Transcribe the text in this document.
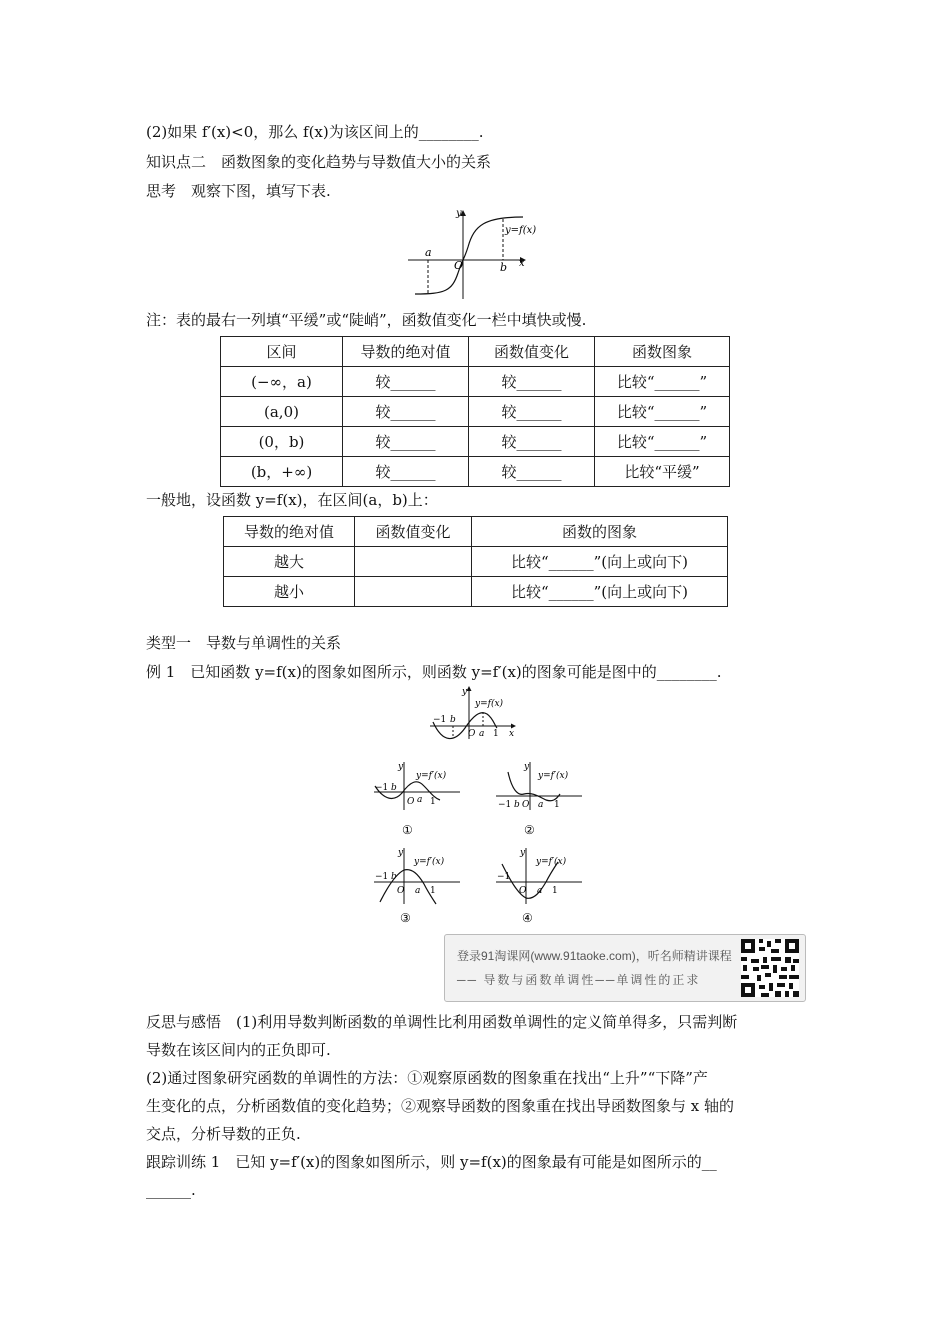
(2)如果 f′(x)<0，那么 f(x)为该区间上的________.
知识点二　函数图象的变化趋势与导数值大小的关系
思考　观察下图，填写下表.
y
x
O
a
b
y=f(x)
注：表的最右一列填“平缓”或“陡峭”，函数值变化一栏中填快或慢.
区间	导数的绝对值	函数值变化	函数图象
(−∞，a)	较______	较______	比较“______”
(a,0)	较______	较______	比较“______”
(0，b)	较______	较______	比较“______”
(b，+∞)	较______	较______	比较“平缓”
一般地，设函数 y=f(x)，在区间(a，b)上：
导数的绝对值	函数值变化	函数的图象
越大		比较“______”(向上或向下)
越小		比较“______”(向上或向下)
类型一　导数与单调性的关系
例 1　已知函数 y=f(x)的图象如图所示，则函数 y=f′(x)的图象可能是图中的________.
y
x
−1 b
O a 1
y=f(x)
y
−1 b
O a 1
y=f′(x)
①
y
−1 b O a 1
y=f′(x)
②
y
−1 b
O a 1
y=f′(x)
③
y
−1
O a 1
y=f′(x)
④
登录91淘课网(www.91taoke.com)，听名师精讲课程
── 导数与函数单调性──单调性的正求
反思与感悟　(1)利用导数判断函数的单调性比利用函数单调性的定义简单得多，只需判断
导数在该区间内的正负即可.
(2)通过图象研究函数的单调性的方法：①观察原函数的图象重在找出“上升”“下降”产
生变化的点，分析函数值的变化趋势；②观察导函数的图象重在找出导函数图象与 x 轴的
交点，分析导数的正负.
跟踪训练 1　已知 y=f′(x)的图象如图所示，则 y=f(x)的图象最有可能是如图所示的__
______.
